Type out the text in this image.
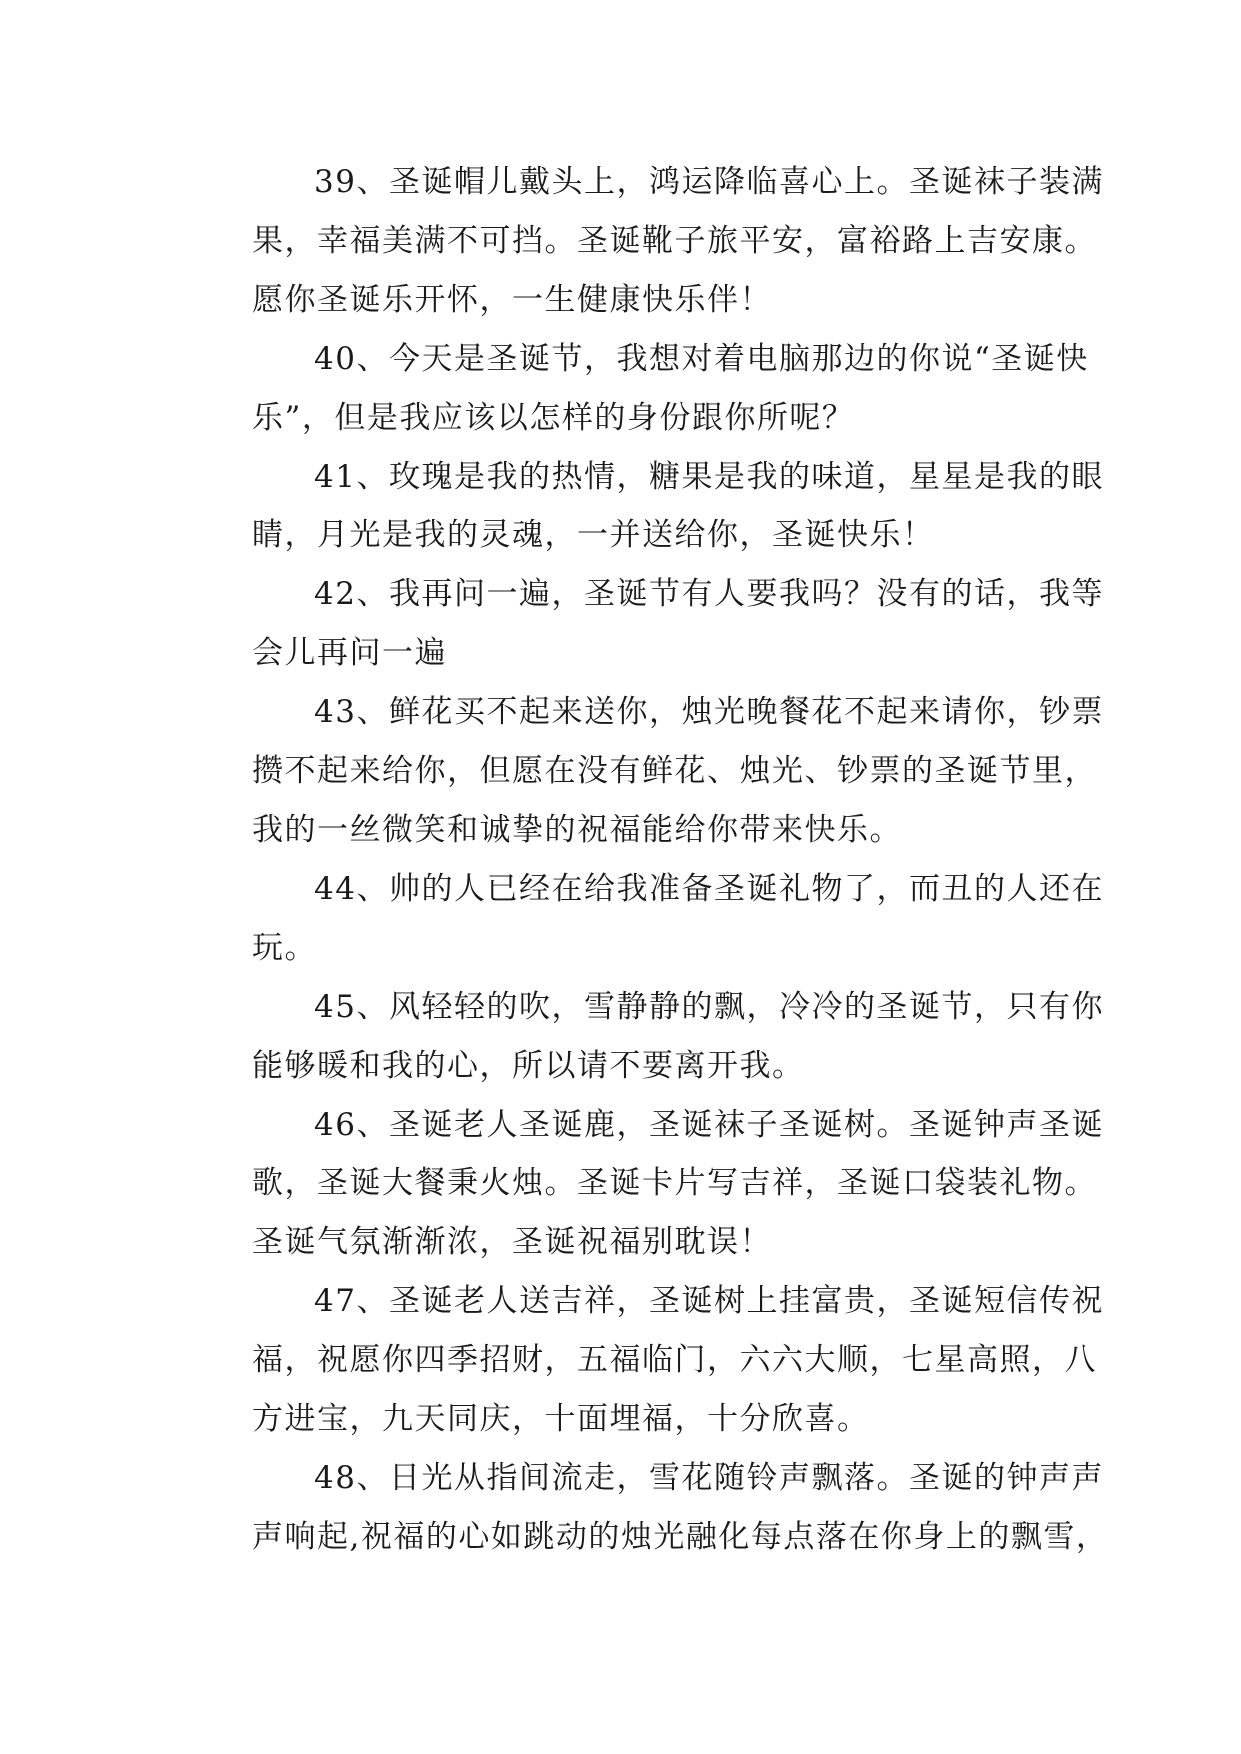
39、圣诞帽儿戴头上，鸿运降临喜心上。圣诞袜子装满
果，幸福美满不可挡。圣诞靴子旅平安，富裕路上吉安康。
愿你圣诞乐开怀，一生健康快乐伴！
40、今天是圣诞节，我想对着电脑那边的你说“圣诞快
乐”，但是我应该以怎样的身份跟你所呢？
41、玫瑰是我的热情，糖果是我的味道，星星是我的眼
睛，月光是我的灵魂，一并送给你，圣诞快乐！
42、我再问一遍，圣诞节有人要我吗？没有的话，我等
会儿再问一遍
43、鲜花买不起来送你，烛光晚餐花不起来请你，钞票
攒不起来给你，但愿在没有鲜花、烛光、钞票的圣诞节里，
我的一丝微笑和诚挚的祝福能给你带来快乐。
44、帅的人已经在给我准备圣诞礼物了，而丑的人还在
玩。
45、风轻轻的吹，雪静静的飘，冷冷的圣诞节，只有你
能够暖和我的心，所以请不要离开我。
46、圣诞老人圣诞鹿，圣诞袜子圣诞树。圣诞钟声圣诞
歌，圣诞大餐秉火烛。圣诞卡片写吉祥，圣诞口袋装礼物。
圣诞气氛渐渐浓，圣诞祝福别耽误！
47、圣诞老人送吉祥，圣诞树上挂富贵，圣诞短信传祝
福，祝愿你四季招财，五福临门，六六大顺，七星高照，八
方进宝，九天同庆，十面埋福，十分欣喜。
48、日光从指间流走，雪花随铃声飘落。圣诞的钟声声
声响起,祝福的心如跳动的烛光融化每点落在你身上的飘雪，
